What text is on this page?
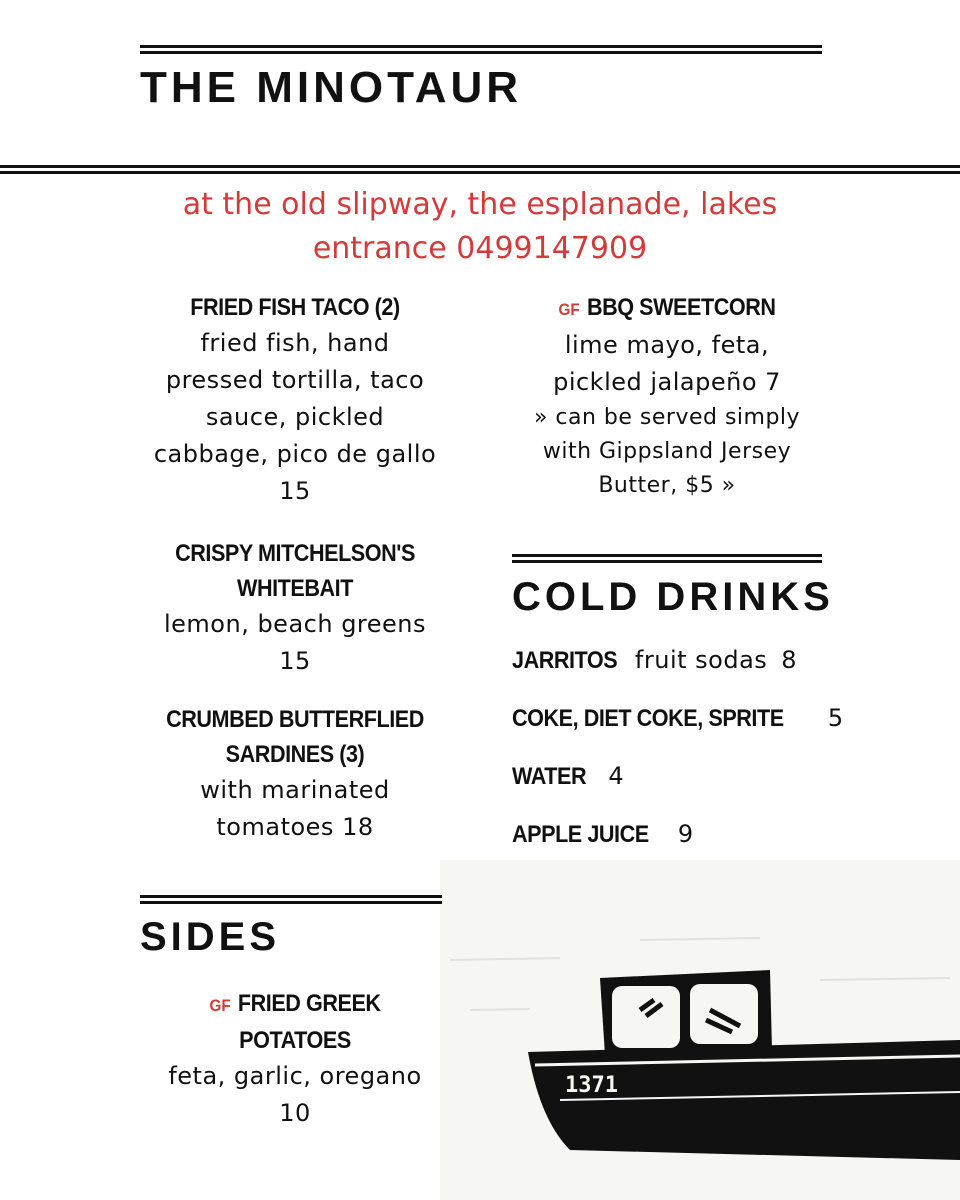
THE MINOTAUR
at the old slipway, the esplanade, lakes
entrance 0499147909
FRIED FISH TACO (2)
fried fish, hand
pressed tortilla, taco
sauce, pickled
cabbage, pico de gallo
15
CRISPY MITCHELSON'S
WHITEBAIT
lemon, beach greens
15
CRUMBED BUTTERFLIED
SARDINES (3)
with marinated
tomatoes 18
GF BBQ SWEETCORN
lime mayo, feta,
pickled jalapeño 7
» can be served simply
with Gippsland Jersey
Butter, $5 »
COLD DRINKS
JARRITOS fruit sodas 8
COKE, DIET COKE, SPRITE 5
WATER 4
APPLE JUICE 9
1371
SIDES
GF FRIED GREEK POTATOES
feta, garlic, oregano
10
